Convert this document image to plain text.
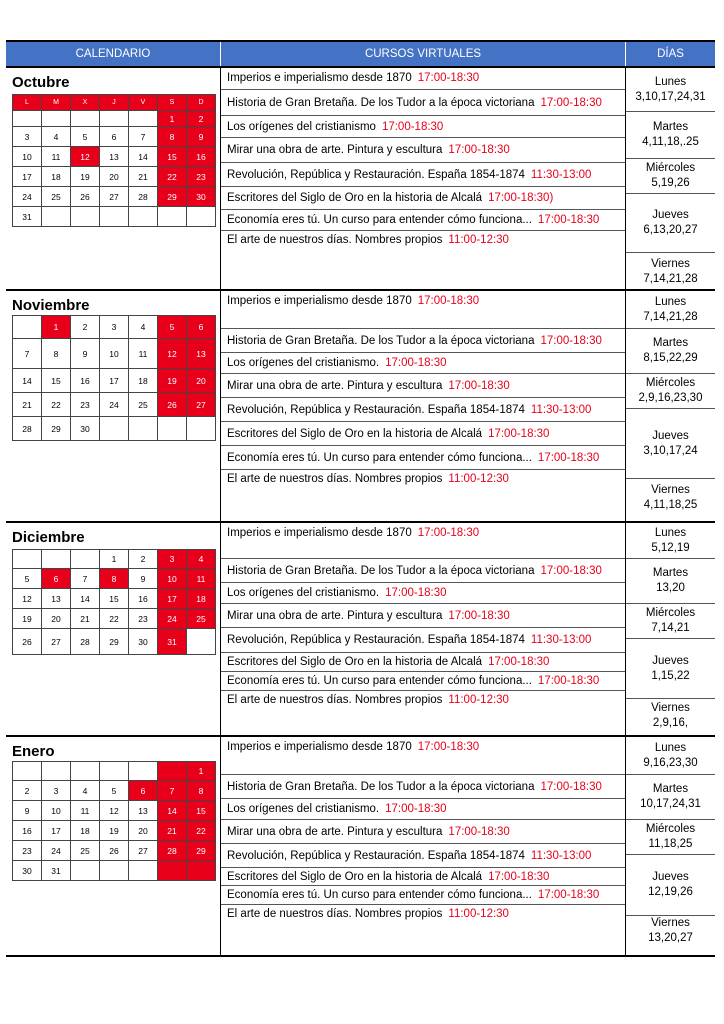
CALENDARIO	CURSOS VIRTUALES	DÍAS
Octubre
L	M	X	J	V	S	D
					1	2
3	4	5	6	7	8	9
10	11	12	13	14	15	16
17	18	19	20	21	22	23
24	25	26	27	28	29	30
31						
Imperios e imperialismo desde 1870 17:00-18:30
Historia de Gran Bretaña. De los Tudor a la época victoriana 17:00-18:30
Los orígenes del cristianismo 17:00-18:30
Mirar una obra de arte. Pintura y escultura 17:00-18:30
Revolución, República y Restauración. España 1854-1874 11:30-13:00
Escritores del Siglo de Oro en la historia de Alcalá 17:00-18:30)
Economía eres tú. Un curso para entender cómo funciona... 17:00-18:30
El arte de nuestros días. Nombres propios 11:00-12:30
Lunes
3,10,17,24,31
Martes
4,11,18,.25
Miércoles
5,19,26
Jueves
6,13,20,27
Viernes
7,14,21,28
Noviembre
	1	2	3	4	5	6
7	8	9	10	11	12	13
14	15	16	17	18	19	20
21	22	23	24	25	26	27
28	29	30				
Imperios e imperialismo desde 1870 17:00-18:30
Historia de Gran Bretaña. De los Tudor a la época victoriana 17:00-18:30
Los orígenes del cristianismo. 17:00-18:30
Mirar una obra de arte. Pintura y escultura 17:00-18:30
Revolución, República y Restauración. España 1854-1874 11:30-13:00
Escritores del Siglo de Oro en la historia de Alcalá 17:00-18:30
Economía eres tú. Un curso para entender cómo funciona... 17:00-18:30
El arte de nuestros días. Nombres propios 11:00-12:30
Lunes
7,14,21,28
Martes
8,15,22,29
Miércoles
2,9,16,23,30
Jueves
3,10,17,24
Viernes
4,11,18,25
Diciembre
			1	2	3	4
5	6	7	8	9	10	11
12	13	14	15	16	17	18
19	20	21	22	23	24	25
26	27	28	29	30	31	
Imperios e imperialismo desde 1870 17:00-18:30
Historia de Gran Bretaña. De los Tudor a la época victoriana 17:00-18:30
Los orígenes del cristianismo. 17:00-18:30
Mirar una obra de arte. Pintura y escultura 17:00-18:30
Revolución, República y Restauración. España 1854-1874 11:30-13:00
Escritores del Siglo de Oro en la historia de Alcalá 17:00-18:30
Economía eres tú. Un curso para entender cómo funciona... 17:00-18:30
El arte de nuestros días. Nombres propios 11:00-12:30
Lunes
5,12,19
Martes
13,20
Miércoles
7,14,21
Jueves
1,15,22
Viernes
2,9,16,
Enero
						1
2	3	4	5	6	7	8
9	10	11	12	13	14	15
16	17	18	19	20	21	22
23	24	25	26	27	28	29
30	31					
Imperios e imperialismo desde 1870 17:00-18:30
Historia de Gran Bretaña. De los Tudor a la época victoriana 17:00-18:30
Los orígenes del cristianismo. 17:00-18:30
Mirar una obra de arte. Pintura y escultura 17:00-18:30
Revolución, República y Restauración. España 1854-1874 11:30-13:00
Escritores del Siglo de Oro en la historia de Alcalá 17:00-18:30
Economía eres tú. Un curso para entender cómo funciona... 17:00-18:30
El arte de nuestros días. Nombres propios 11:00-12:30
Lunes
9,16,23,30
Martes
10,17,24,31
Miércoles
11,18,25
Jueves
12,19,26
Viernes
13,20,27
